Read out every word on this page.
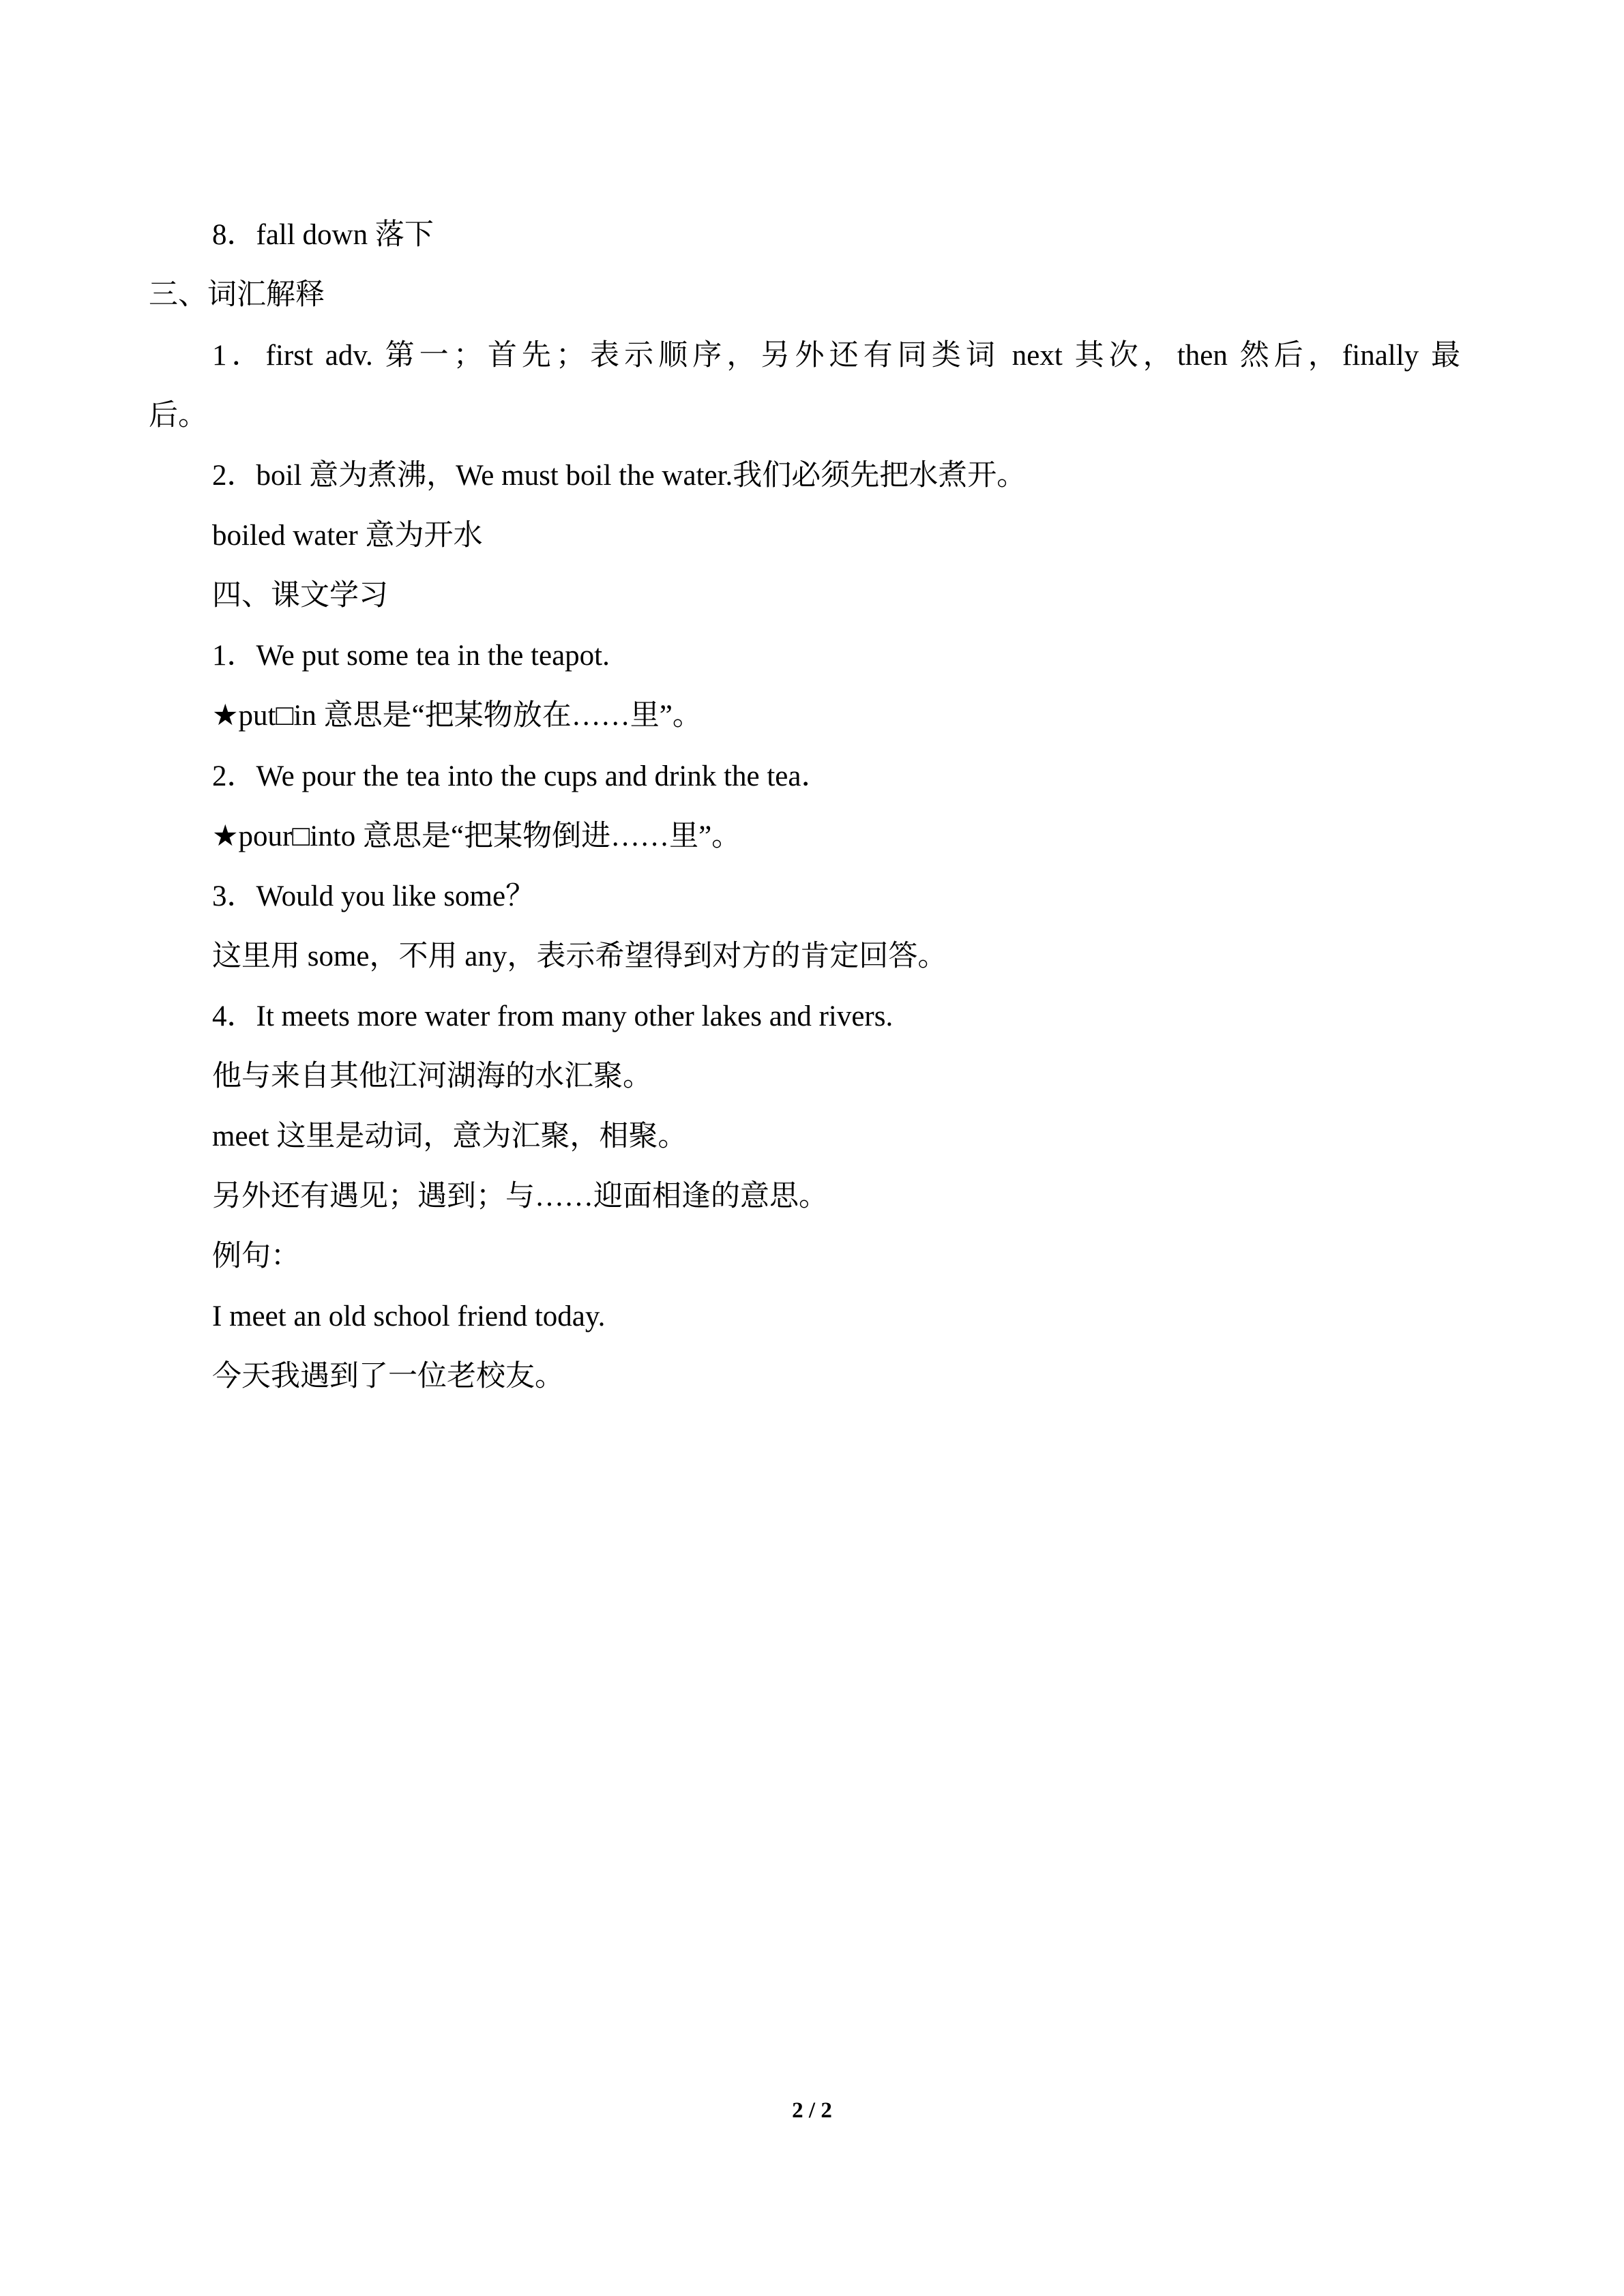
8．fall down 落下
三、词汇解释
1．first adv. 第一；首先；表示顺序，另外还有同类词 next 其次，then 然后，finally 最
后。
2．boil 意为煮沸，We must boil the water.我们必须先把水煮开。
boiled water 意为开水
四、课文学习
1．We put some tea in the teapot.
★put□in 意思是“把某物放在……里”。
2．We pour the tea into the cups and drink the tea．
★pour□into 意思是“把某物倒进……里”。
3．Would you like some？
这里用 some，不用 any，表示希望得到对方的肯定回答。
4．It meets more water from many other lakes and rivers.
他与来自其他江河湖海的水汇聚。
meet 这里是动词，意为汇聚，相聚。
另外还有遇见；遇到；与……迎面相逢的意思。
例句：
I meet an old school friend today.
今天我遇到了一位老校友。
2 / 2
